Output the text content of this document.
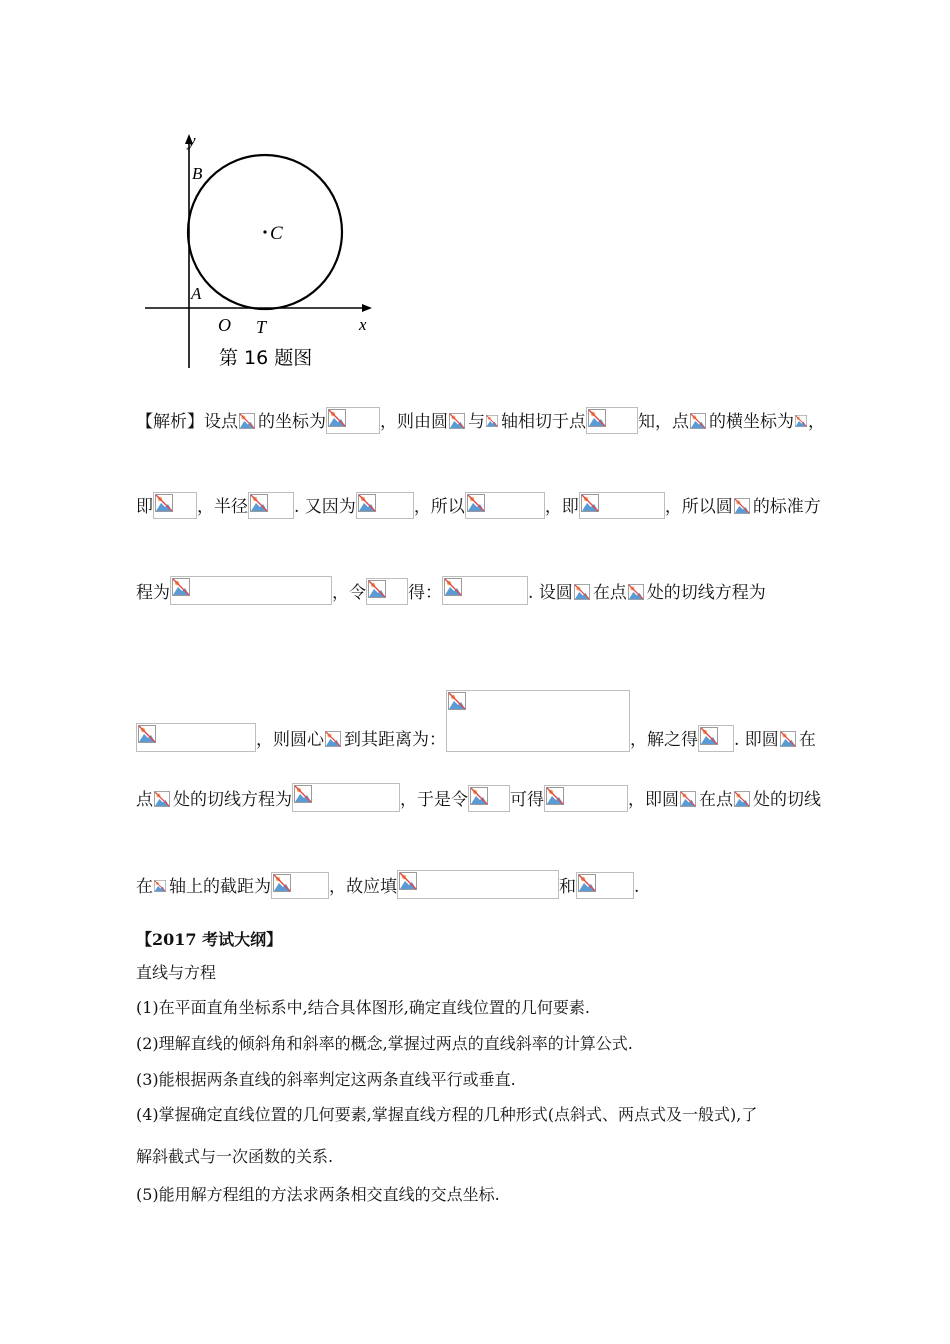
y
B
C
A
O T	x
第 16 题图
【解析】设点 的坐标为	，则由圆 与 轴相切于点	知，点 的横坐标为 ，
即	，半径	. 又因为	，所以	，即	，所以圆 的标准方
程为	，令 得：	. 设圆 在点 处的切线方程为
，则圆心 到其距离为：	，解之得 . 即圆 在
点 处的切线方程为	，于是令 可得	，即圆 在点 处的切线
在 轴上的截距为	，故应填	和	.
【2017 考试大纲】
直线与方程
(1)在平面直角坐标系中,结合具体图形,确定直线位置的几何要素.
(2)理解直线的倾斜角和斜率的概念,掌握过两点的直线斜率的计算公式.
(3)能根据两条直线的斜率判定这两条直线平行或垂直.
(4)掌握确定直线位置的几何要素,掌握直线方程的几种形式(点斜式、两点式及一般式),了
解斜截式与一次函数的关系.
(5)能用解方程组的方法求两条相交直线的交点坐标.
